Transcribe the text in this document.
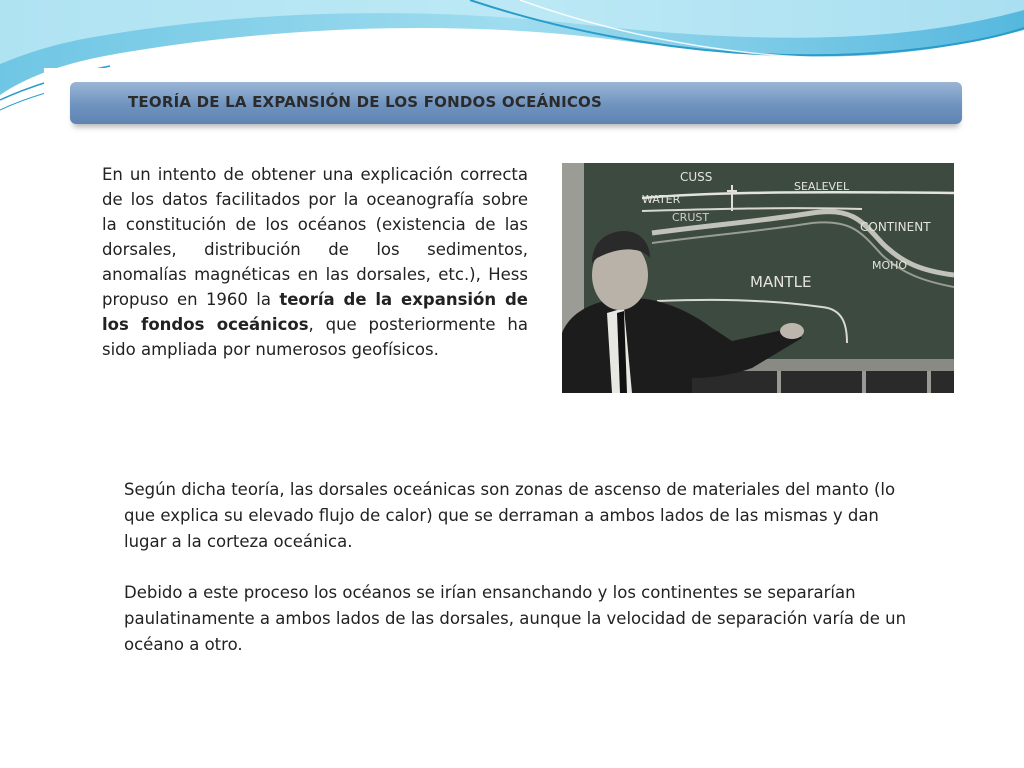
TEORÍA DE LA EXPANSIÓN DE LOS FONDOS OCEÁNICOS
En un intento de obtener una explicación correcta de los datos facilitados por la oceanografía sobre la constitución de los océanos (existencia de las dorsales, distribución de los sedimentos, anomalías magnéticas en las dorsales, etc.), Hess propuso en 1960 la teoría de la expansión de los fondos oceánicos, que posteriormente ha sido ampliada por numerosos geofísicos.
CUSS
SEALEVEL
WATER
CRUST
CONTINENT
MOHO
MANTLE
Según dicha teoría, las dorsales oceánicas son zonas de ascenso de materiales del manto (lo que explica su elevado flujo de calor) que se derraman a ambos lados de las mismas y dan lugar a la corteza oceánica.
Debido a este proceso los océanos se irían ensanchando y los continentes se separarían paulatinamente a ambos lados de las dorsales, aunque la velocidad de separación varía de un océano a otro.
